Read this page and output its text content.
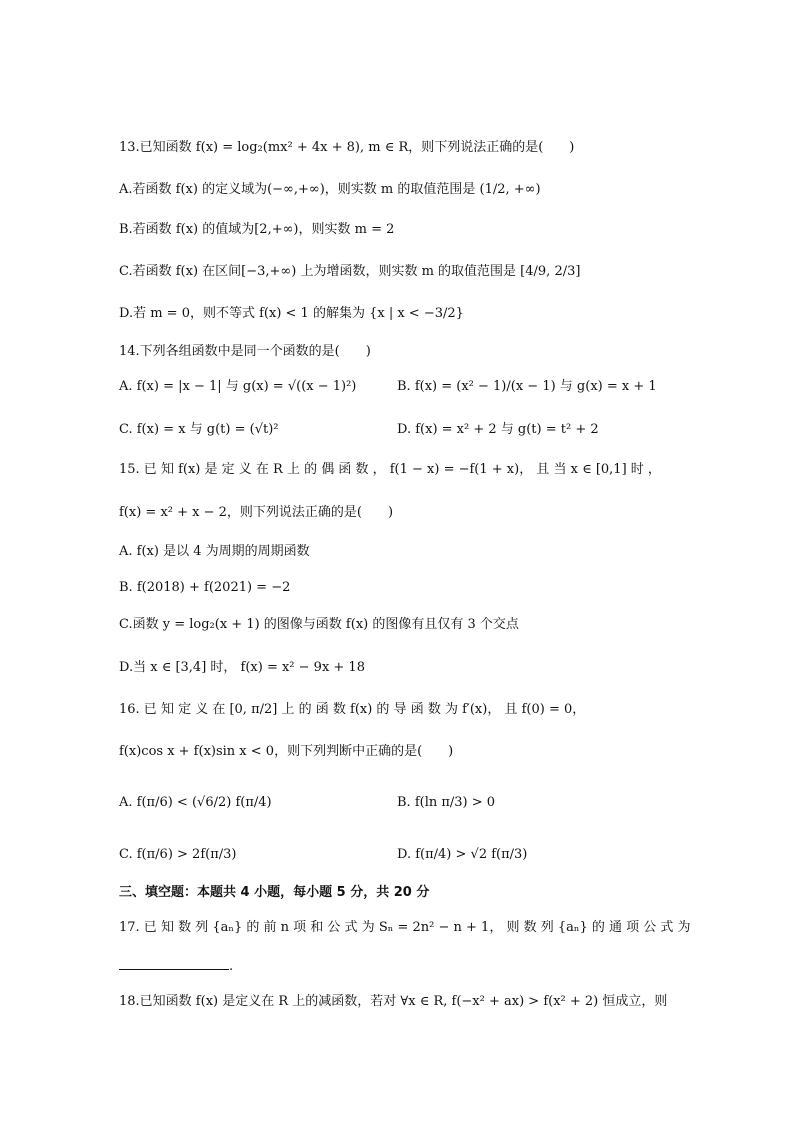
13.已知函数 f(x) = log₂(mx² + 4x + 8), m ∈ R，则下列说法正确的是(　　)
A.若函数 f(x) 的定义域为(−∞,+∞)，则实数 m 的取值范围是 (1/2, +∞)
B.若函数 f(x) 的值域为[2,+∞)，则实数 m = 2
C.若函数 f(x) 在区间[−3,+∞) 上为增函数，则实数 m 的取值范围是 [4/9, 2/3]
D.若 m = 0，则不等式 f(x) < 1 的解集为 {x | x < −3/2}
14.下列各组函数中是同一个函数的是(　　)
A. f(x) = |x − 1| 与 g(x) = √((x − 1)²)	B. f(x) = (x² − 1)/(x − 1) 与 g(x) = x + 1
C. f(x) = x 与 g(t) = (√t)²	D. f(x) = x² + 2 与 g(t) = t² + 2
15. 已 知 f(x) 是 定 义 在 R 上 的 偶 函 数 ， f(1 − x) = −f(1 + x)， 且 当 x ∈ [0,1] 时 ，
f(x) = x² + x − 2，则下列说法正确的是(　　)
A. f(x) 是以 4 为周期的周期函数
B. f(2018) + f(2021) = −2
C.函数 y = log₂(x + 1) 的图像与函数 f(x) 的图像有且仅有 3 个交点
D.当 x ∈ [3,4] 时， f(x) = x² − 9x + 18
16. 已 知 定 义 在 [0, π/2] 上 的 函 数 f(x) 的 导 函 数 为 f′(x)， 且 f(0) = 0，
f(x)cos x + f(x)sin x < 0，则下列判断中正确的是(　　)
A. f(π/6) < (√6/2) f(π/4)	B. f(ln π/3) > 0
C. f(π/6) > 2f(π/3)	D. f(π/4) > √2 f(π/3)
三、填空题：本题共 4 小题，每小题 5 分，共 20 分
17. 已 知 数 列 {aₙ} 的 前 n 项 和 公 式 为 Sₙ = 2n² − n + 1， 则 数 列 {aₙ} 的 通 项 公 式 为
.
18.已知函数 f(x) 是定义在 R 上的减函数，若对 ∀x ∈ R, f(−x² + ax) > f(x² + 2) 恒成立，则
